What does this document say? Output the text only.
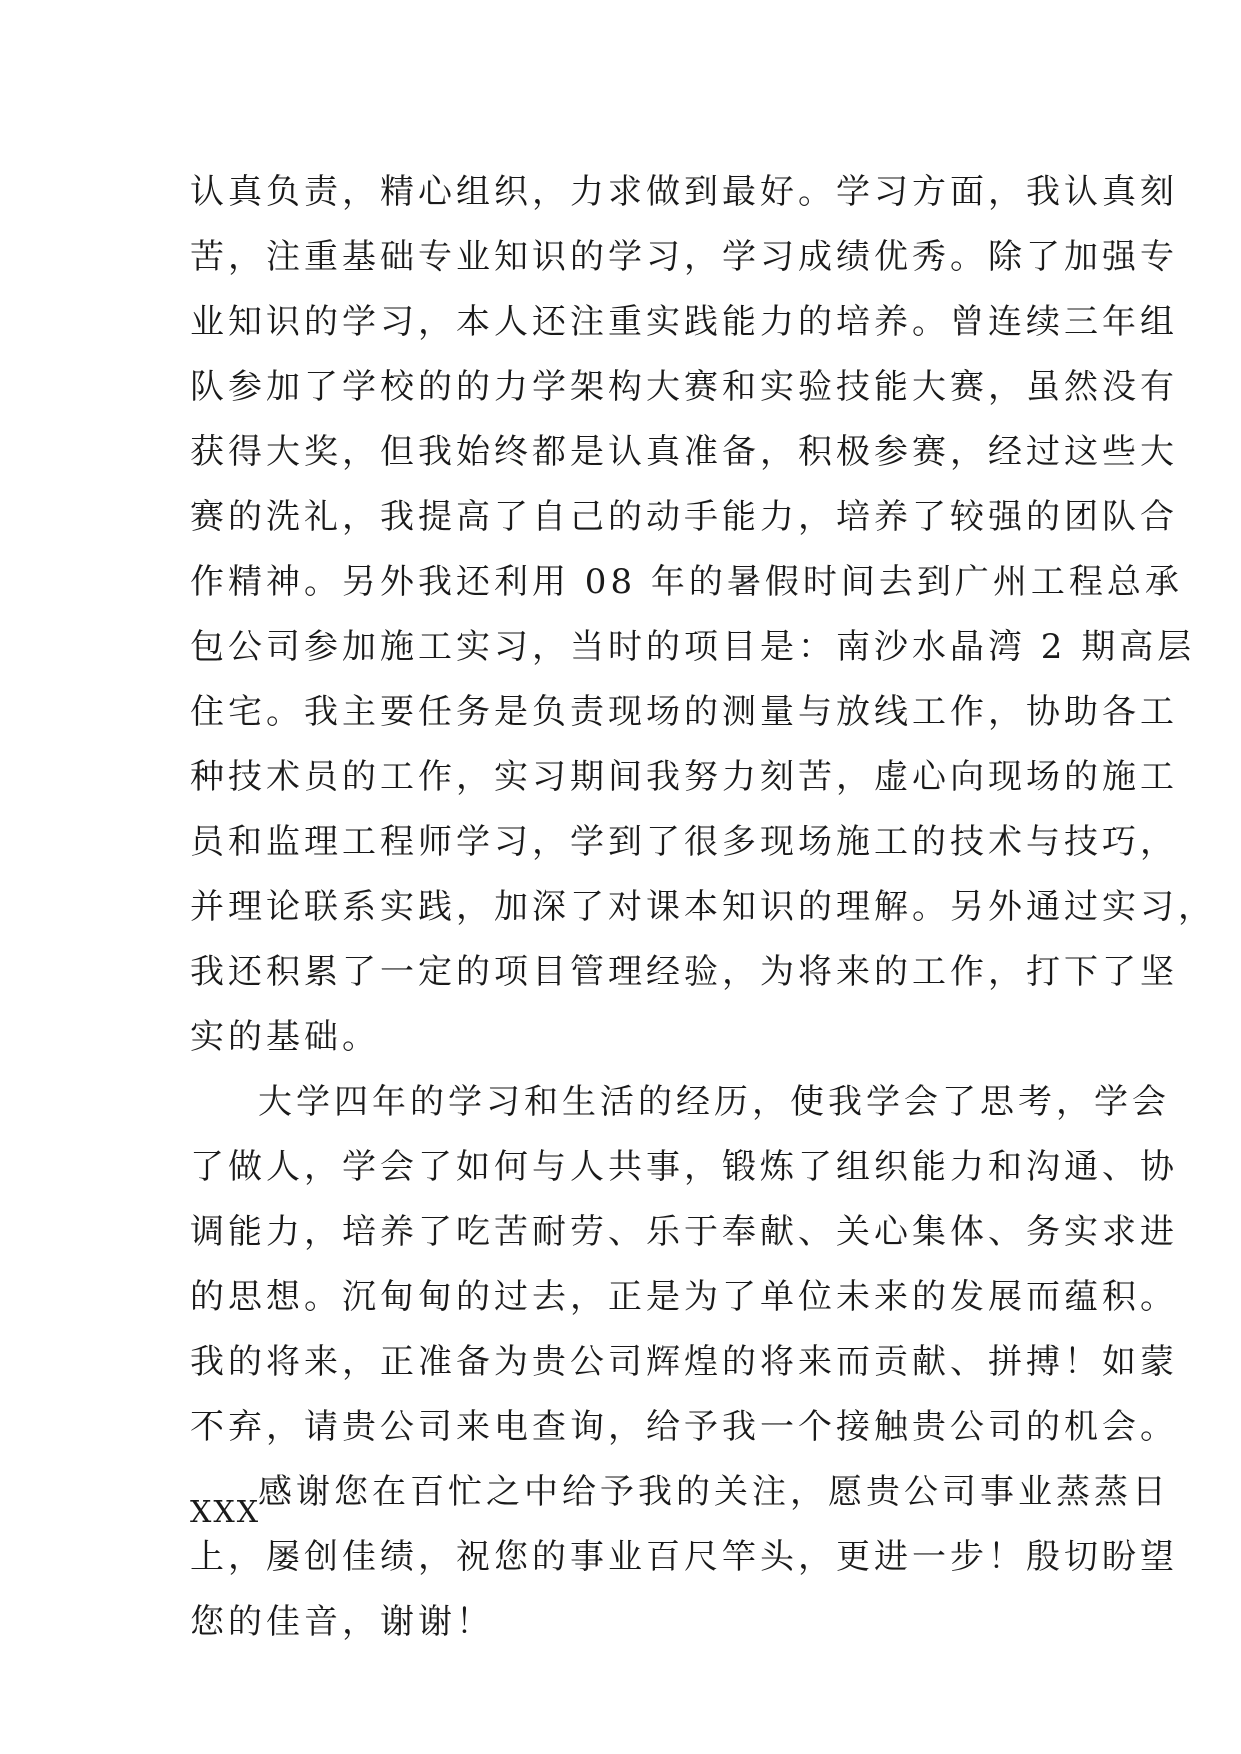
认真负责，精心组织，力求做到最好。学习方面，我认真刻
苦，注重基础专业知识的学习，学习成绩优秀。除了加强专
业知识的学习，本人还注重实践能力的培养。曾连续三年组
队参加了学校的的力学架构大赛和实验技能大赛，虽然没有
获得大奖，但我始终都是认真准备，积极参赛，经过这些大
赛的洗礼，我提高了自己的动手能力，培养了较强的团队合
作精神。另外我还利用 08 年的暑假时间去到广州工程总承
包公司参加施工实习，当时的项目是：南沙水晶湾 2 期高层
住宅。我主要任务是负责现场的测量与放线工作，协助各工
种技术员的工作，实习期间我努力刻苦，虚心向现场的施工
员和监理工程师学习，学到了很多现场施工的技术与技巧，
并理论联系实践，加深了对课本知识的理解。另外通过实习，
我还积累了一定的项目管理经验，为将来的工作，打下了坚
实的基础。
大学四年的学习和生活的经历，使我学会了思考，学会
了做人，学会了如何与人共事，锻炼了组织能力和沟通、协
调能力，培养了吃苦耐劳、乐于奉献、关心集体、务实求进
的思想。沉甸甸的过去，正是为了单位未来的发展而蕴积。
我的将来，正准备为贵公司辉煌的将来而贡献、拼搏！如蒙
不弃，请贵公司来电查询，给予我一个接触贵公司的机会。
感谢您在百忙之中给予我的关注，愿贵公司事业蒸蒸日
上，屡创佳绩，祝您的事业百尺竿头，更进一步！殷切盼望
您的佳音，谢谢！
XXX
